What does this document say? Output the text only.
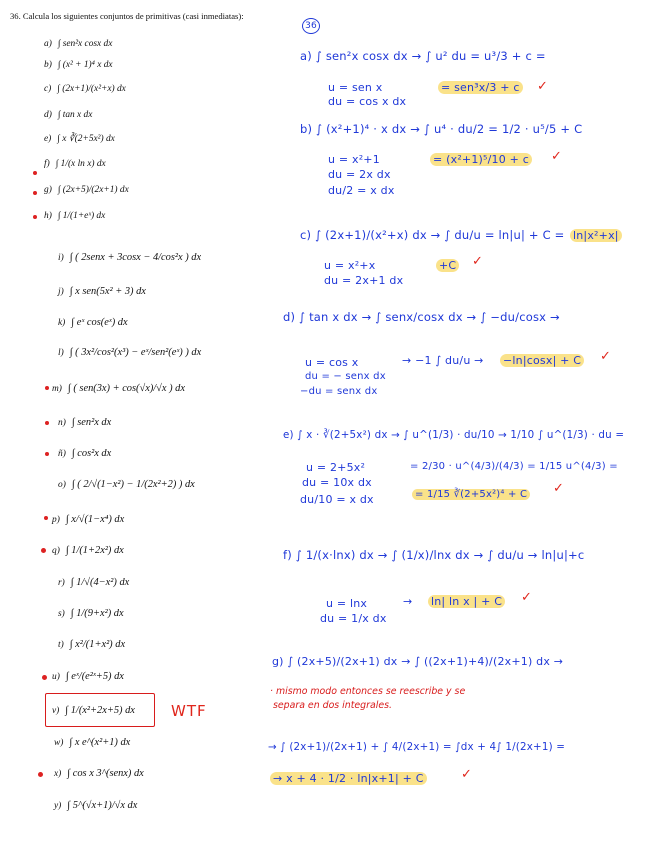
36. Calcula los siguientes conjuntos de primitivas (casi inmediatas):
a) ∫ sen²x cosx dx
b) ∫ (x² + 1)⁴ x dx
c) ∫ (2x+1)/(x²+x) dx
d) ∫ tan x dx
e) ∫ x ∛(2+5x²) dx
f) ∫ 1/(x ln x) dx
g) ∫ (2x+5)/(2x+1) dx
h) ∫ 1/(1+eˣ) dx
i) ∫ ( 2senx + 3cosx − 4/cos²x ) dx
j) ∫ x sen(5x² + 3) dx
k) ∫ eˣ cos(eˣ) dx
l) ∫ ( 3x²/cos²(x³) − eˣ/sen²(eˣ) ) dx
m) ∫ ( sen(3x) + cos(√x)/√x ) dx
n) ∫ sen²x dx
ñ) ∫ cos²x dx
o) ∫ ( 2/√(1−x²) − 1/(2x²+2) ) dx
p) ∫ x/√(1−x⁴) dx
q) ∫ 1/(1+2x²) dx
r) ∫ 1/√(4−x²) dx
s) ∫ 1/(9+x²) dx
t) ∫ x²/(1+x²) dx
u) ∫ eˣ/(e²ˣ+5) dx
v) ∫ 1/(x²+2x+5) dx
w) ∫ x e^(x²+1) dx
x) ∫ cos x 3^(senx) dx
y) ∫ 5^(√x+1)/√x dx
WTF
36
a) ∫ sen²x cosx dx → ∫ u² du = u³/3 + c =
u = sen x
du = cos x dx
= sen³x/3 + c ✓
b) ∫ (x²+1)⁴ · x dx → ∫ u⁴ · du/2 = 1/2 · u⁵/5 + C
u = x²+1
du = 2x dx
du/2 = x dx
= (x²+1)⁵/10 + c ✓
c) ∫ (2x+1)/(x²+x) dx → ∫ du/u = ln|u| + C = ln|x²+x|
u = x²+x
du = 2x+1 dx
+C ✓
d) ∫ tan x dx → ∫ senx/cosx dx → ∫ −du/cosx →
u = cos x
du = − senx dx
−du = senx dx
→ −1 ∫ du/u → −ln|cosx| + C ✓
e) ∫ x · ∛(2+5x²) dx → ∫ u^(1/3) · du/10 → 1/10 ∫ u^(1/3) · du =
u = 2+5x²
du = 10x dx
du/10 = x dx
= 2/30 · u^(4/3)/(4/3) = 1/15 u^(4/3) =
= 1/15 ∛(2+5x²)⁴ + C ✓
f) ∫ 1/(x·lnx) dx → ∫ (1/x)/lnx dx → ∫ du/u → ln|u|+c
u = lnx
du = 1/x dx
→ ln| ln x | + C ✓
g) ∫ (2x+5)/(2x+1) dx → ∫ ((2x+1)+4)/(2x+1) dx →
· mismo modo entonces se reescribe y se
separa en dos integrales.
→ ∫ (2x+1)/(2x+1) + ∫ 4/(2x+1) = ∫dx + 4∫ 1/(2x+1) =
→ x + 4 · 1/2 · ln|x+1| + C	✓
